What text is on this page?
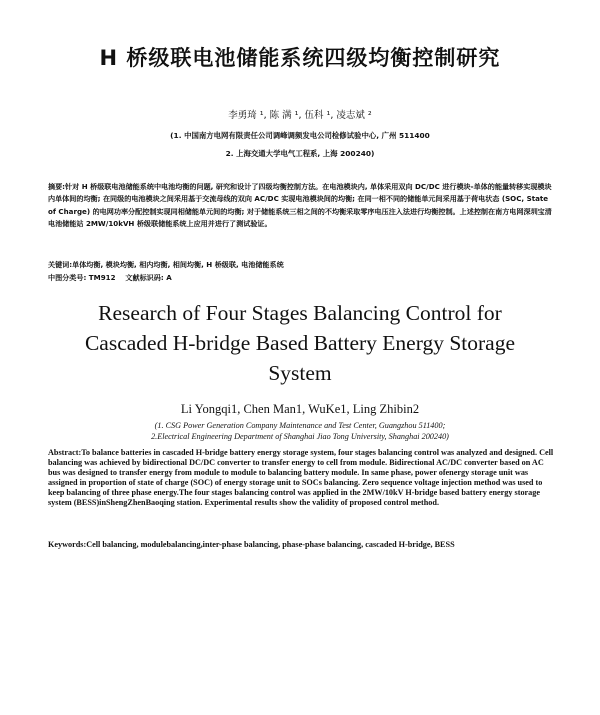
H 桥级联电池储能系统四级均衡控制研究
李勇琦 ¹, 陈 满 ¹, 伍科 ¹, 凌志斌 ²
(1. 中国南方电网有限责任公司调峰调频发电公司检修试验中心, 广州 511400
2. 上海交通大学电气工程系, 上海 200240)

摘要:针对 H 桥级联电池储能系统中电池均衡的问题, 研究和设计了四级均衡控制方法。在电池模块内, 单体采用双向 DC/DC 进行模块-单体的能量转移实现模块内单体间的均衡; 在同级的电池模块之间采用基于交流母线的双向 AC/DC 实现电池模块间的均衡; 在同一相不同的储能单元间采用基于荷电状态 (SOC, State of Charge) 的电网功率分配控制实现同相储能单元间的均衡; 对于储能系统三相之间的不均衡采取零序电压注入法进行均衡控制。上述控制在南方电网深圳宝清电池储能站 2MW/10kVH 桥级联储能系统上应用并进行了测试验证。

关键词:单体均衡, 模块均衡, 相内均衡, 相间均衡, H 桥级联, 电池储能系统

中图分类号: TM912 文献标识码: A

Research of Four Stages Balancing Control for
Cascaded H-bridge Based Battery Energy Storage
System
Li Yongqi1, Chen Man1, WuKe1, Ling Zhibin2
(1. CSG Power Generation Company Maintenance and Test Center, Guangzhou 511400;
2.Electrical Engineering Department of Shanghai Jiao Tong University, Shanghai 200240)

Abstract:To balance batteries in cascaded H-bridge battery energy storage system, four stages balancing control was analyzed and designed. Cell balancing was achieved by bidirectional DC/DC converter to transfer energy to cell from module. Bidirectional AC/DC converter based on AC bus was designed to transfer energy from module to module to balancing battery module. In same phase, power ofenergy storage unit was assigned in proportion of state of charge (SOC) of energy storage unit to SOCs balancing. Zero sequence voltage injection method was used to keep balancing of three phase energy.The four stages balancing control was applied in the 2MW/10kV H-bridge based battery energy storage system (BESS)inShengZhenBaoqing station. Experimental results show the validity of proposed control method.

Keywords:Cell balancing, modulebalancing,inter-phase balancing, phase-phase balancing, cascaded H-bridge, BESS
